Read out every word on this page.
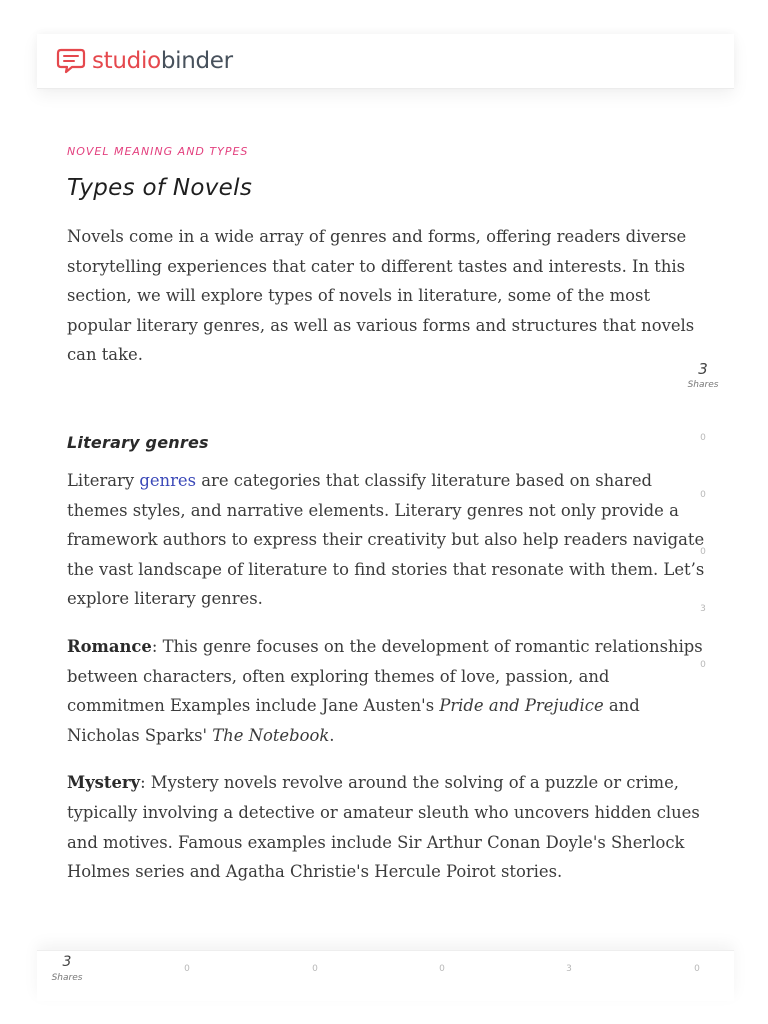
studiobinder
NOVEL MEANING AND TYPES
Types of Novels

Novels come in a wide array of genres and forms, offering readers diverse storytelling experiences that cater to different tastes and interests. In this section, we will explore types of novels in literature, some of the most popular literary genres, as well as various forms and structures that novels can take.

Literary genres

Literary genres are categories that classify literature based on shared themes styles, and narrative elements. Literary genres not only provide a framework authors to express their creativity but also help readers navigate the vast landscape of literature to find stories that resonate with them. Let’s explore literary genres.

Romance: This genre focuses on the development of romantic relationships between characters, often exploring themes of love, passion, and commitmen Examples include Jane Austen's Pride and Prejudice and Nicholas Sparks' The Notebook.

Mystery: Mystery novels revolve around the solving of a puzzle or crime, typically involving a detective or amateur sleuth who uncovers hidden clues and motives. Famous examples include Sir Arthur Conan Doyle's Sherlock Holmes series and Agatha Christie's Hercule Poirot stories.

3
Shares
0
0
0
3
0
3
Shares
0	0	0	3	0
